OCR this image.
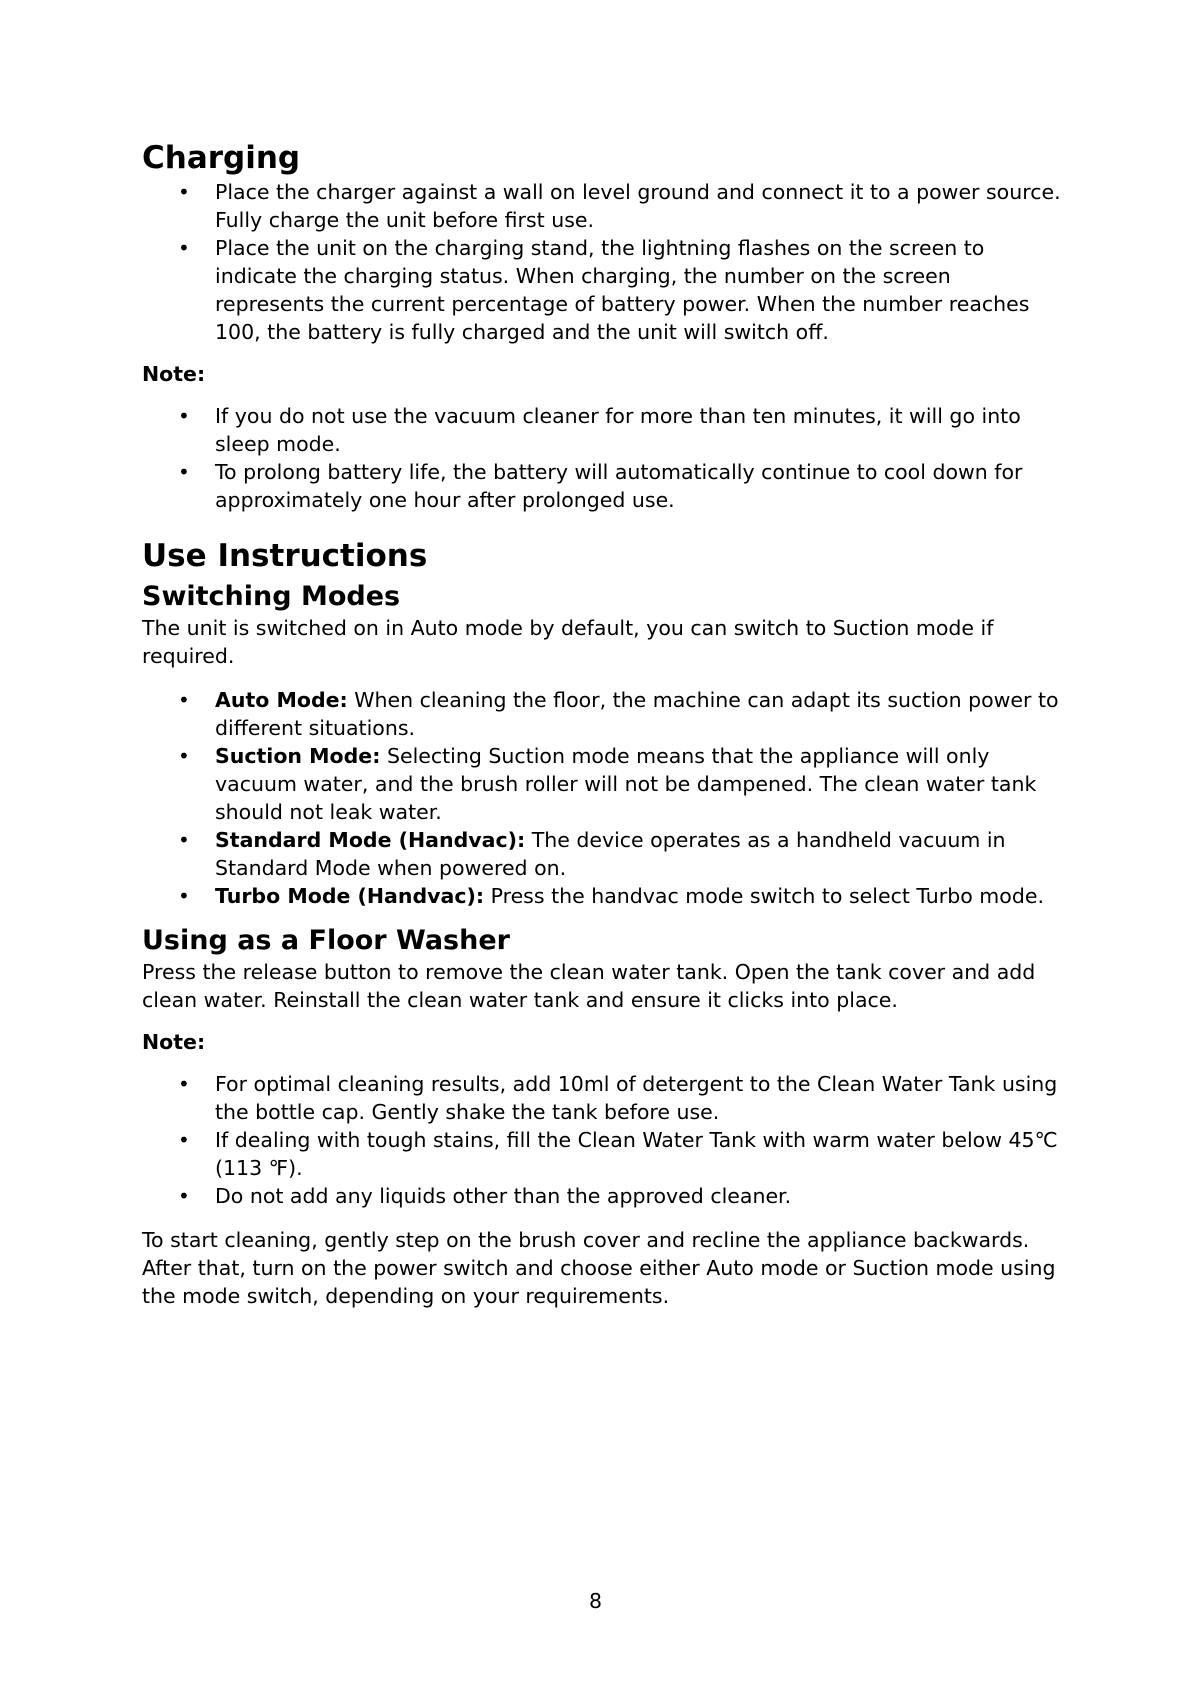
Charging
• Place the charger against a wall on level ground and connect it to a power source. Fully charge the unit before first use.
• Place the unit on the charging stand, the lightning flashes on the screen to indicate the charging status. When charging, the number on the screen represents the current percentage of battery power. When the number reaches 100, the battery is fully charged and the unit will switch off.

Note:

• If you do not use the vacuum cleaner for more than ten minutes, it will go into sleep mode.
• To prolong battery life, the battery will automatically continue to cool down for approximately one hour after prolonged use.
Use Instructions
Switching Modes

The unit is switched on in Auto mode by default, you can switch to Suction mode if required.

• Auto Mode: When cleaning the floor, the machine can adapt its suction power to different situations.
• Suction Mode: Selecting Suction mode means that the appliance will only vacuum water, and the brush roller will not be dampened. The clean water tank should not leak water.
• Standard Mode (Handvac): The device operates as a handheld vacuum in Standard Mode when powered on.
• Turbo Mode (Handvac): Press the handvac mode switch to select Turbo mode.
Using as a Floor Washer

Press the release button to remove the clean water tank. Open the tank cover and add clean water. Reinstall the clean water tank and ensure it clicks into place.

Note:

• For optimal cleaning results, add 10ml of detergent to the Clean Water Tank using the bottle cap. Gently shake the tank before use.
• If dealing with tough stains, fill the Clean Water Tank with warm water below 45℃ (113 ℉).
• Do not add any liquids other than the approved cleaner.

To start cleaning, gently step on the brush cover and recline the appliance backwards. After that, turn on the power switch and choose either Auto mode or Suction mode using the mode switch, depending on your requirements.

8
